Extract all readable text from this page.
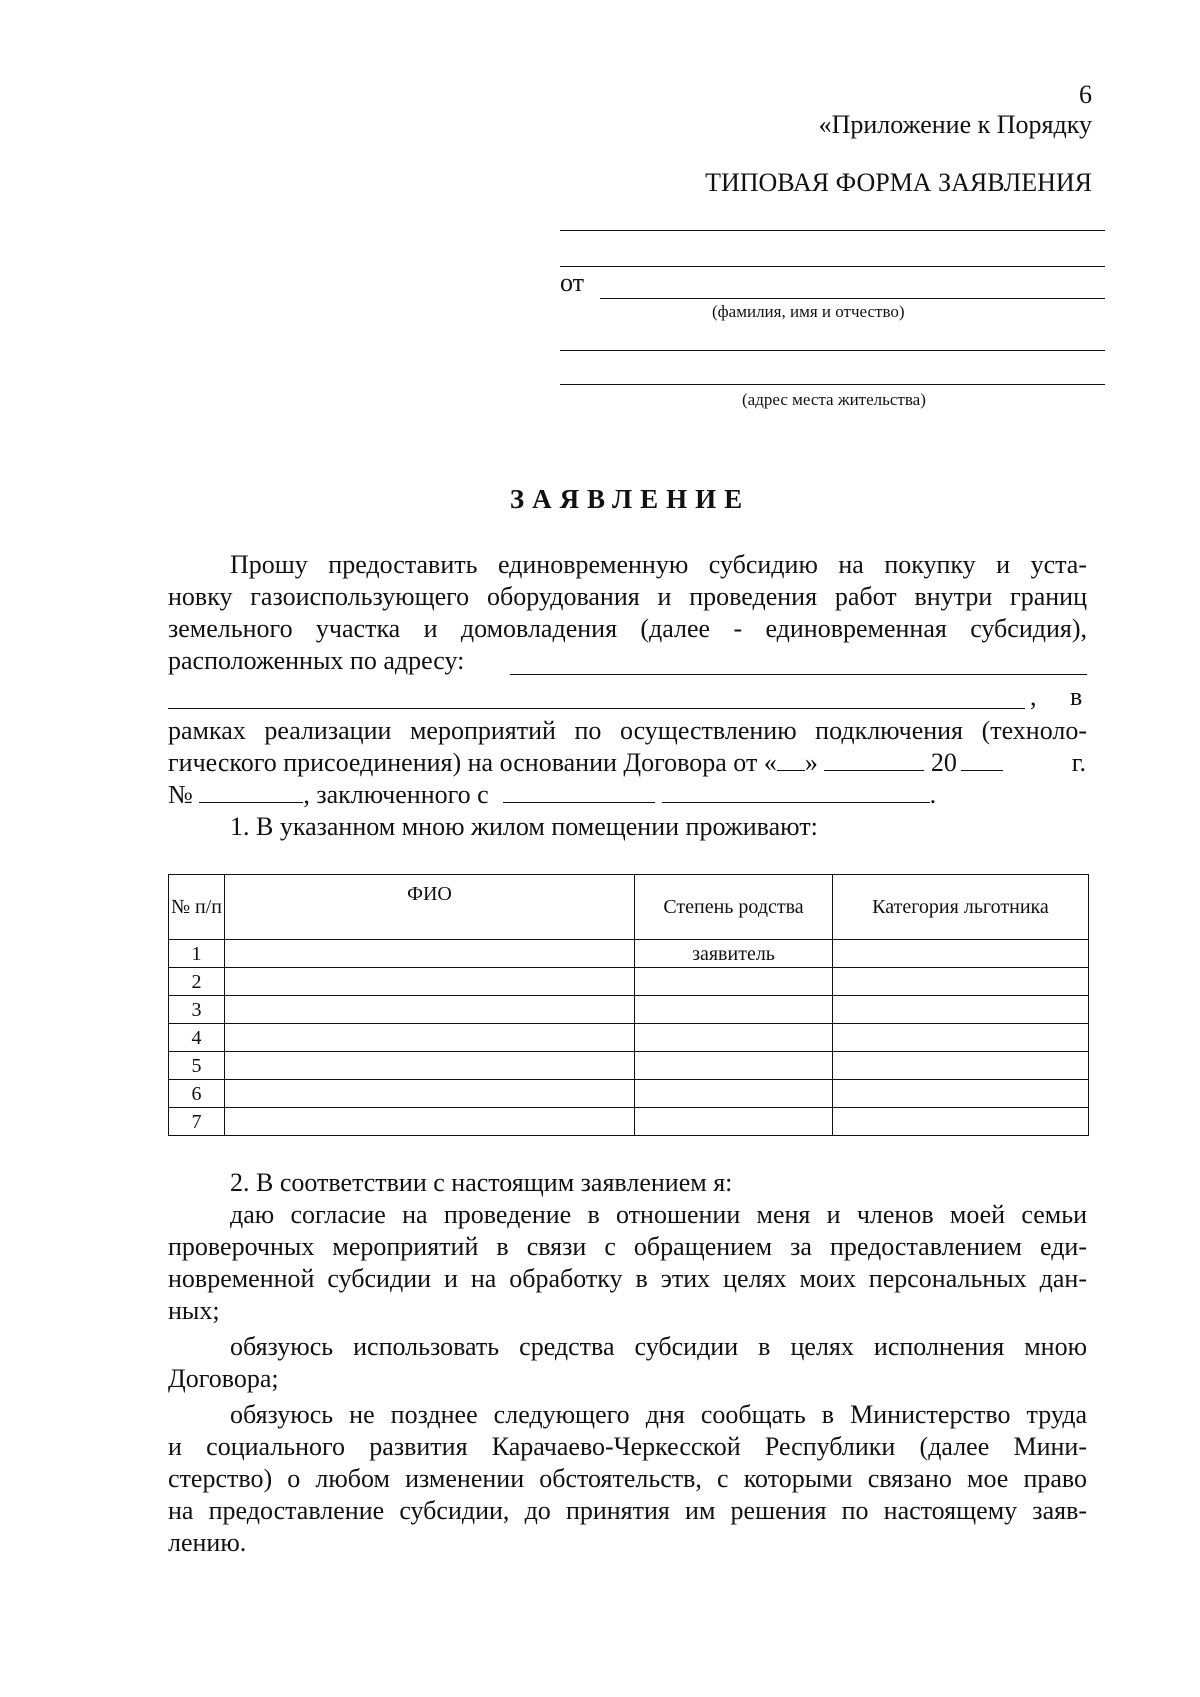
6
«Приложение к Порядку
ТИПОВАЯ ФОРМА ЗАЯВЛЕНИЯ
от
(фамилия, имя и отчество)
(адрес места жительства)
ЗАЯВЛЕНИЕ
Прошу предоставить единовременную субсидию на покупку и уста-
новку газоиспользующего оборудования и проведения работ внутри границ
земельного участка и домовладения (далее - единовременная субсидия),
расположенных по адресу:
, в
рамках реализации мероприятий по осуществлению подключения (техноло-
гического присоединения) на основании Договора от « »	20	г.
№	, заключенного с	.
1. В указанном мною жилом помещении проживают:
№ п/п	ФИО	Степень родства	Категория льготника
1		заявитель	
2			
3			
4			
5			
6			
7			
2. В соответствии с настоящим заявлением я:
даю согласие на проведение в отношении меня и членов моей семьи
проверочных мероприятий в связи с обращением за предоставлением еди-
новременной субсидии и на обработку в этих целях моих персональных дан-
ных;
обязуюсь использовать средства субсидии в целях исполнения мною
Договора;
обязуюсь не позднее следующего дня сообщать в Министерство труда
и социального развития Карачаево-Черкесской Республики (далее Мини-
стерство) о любом изменении обстоятельств, с которыми связано мое право
на предоставление субсидии, до принятия им решения по настоящему заяв-
лению.
